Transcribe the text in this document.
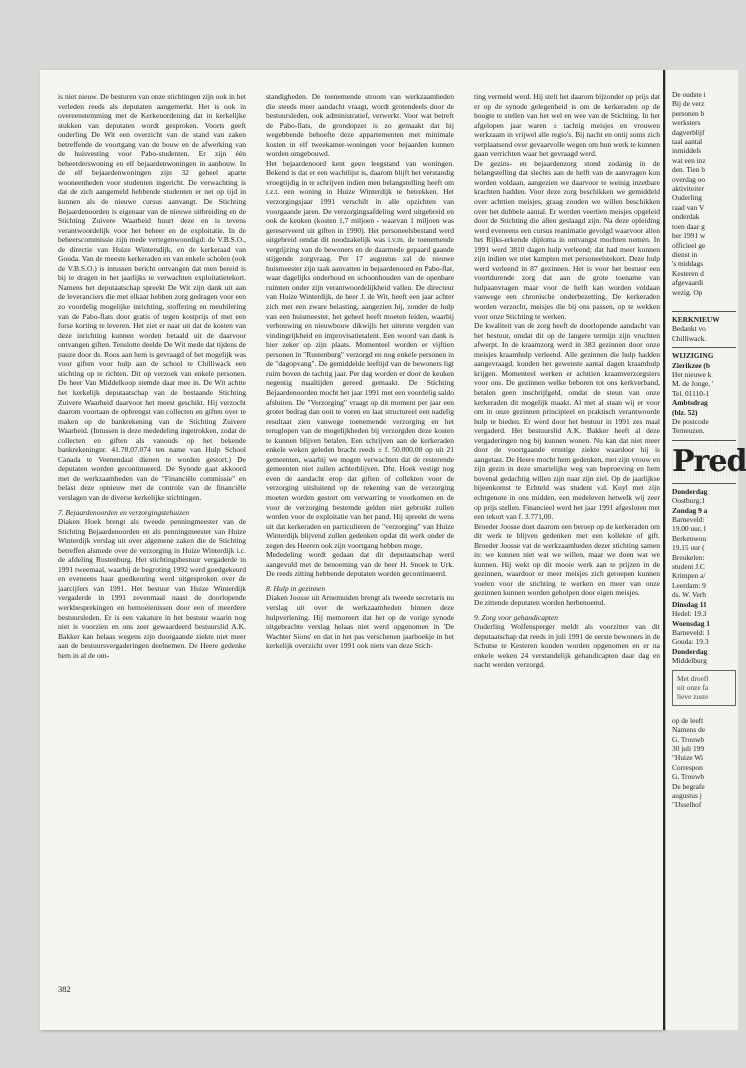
is niet nieuw. De besturen van onze stichtingen zijn ook in het verleden reeds als deputaten aangemerkt. Het is ook in overeenstemming met de Kerkenordening dat in kerkelijke stukken van deputaten wordt gesproken. Voorts geeft ouderling De Wit een overzicht van de stand van zaken betreffende de voortgang van de bouw en de afwerking van de huisvesting voor Pabo-studenten. Er zijn één beheerderswoning en elf bejaardenwoningen in aanbouw. In de elf bejaardenwoningen zijn 32 geheel aparte wooneenheden voor studenten ingericht. De verwachting is dat de zich aangemeld hebbende studenten er net op tijd in kunnen als de nieuwe cursus aanvangt. De Stichting Bejaardenoorden is eigenaar van de nieuwe uitbreiding en de Stichting Zuivere Waarheid huurt deze en is tevens verantwoordelijk voor het beheer en de exploitatie. In de beheerscommissie zijn mede vertegenwoordigd: de V.B.S.O., de directie van Huize Wintersdijk, en de kerkeraad van Gouda. Van de meeste kerkeraden en van enkele scholen (ook de V.B.S.O.) is intussen bericht ontvangen dat men bereid is bij te dragen in het jaarlijks te verwachten exploitatietekort. Namens het deputaatschap spreekt De Wit zijn dank uit aan de leveranciers die met elkaar hebben zorg gedragen voor een zo voordelig mogelijke inrichting, stoffering en meubilering van de Pabo-flats door gratis of tegen kostprijs of met een forse korting te leveren. Het ziet er naar uit dat de kosten van deze inrichting kunnen worden betaald uit de daarvoor ontvangen giften. Tenslotte deelde De Wit mede dat tijdens de pauze door ds. Roos aan hem is gevraagd of het mogelijk was voor giften voor hulp aan de school te Chilliwack een stichting op te richten. Dit op verzoek van enkele personen. De heer Van Middelkoop stemde daar mee in. De Wit achtte het kerkelijk deputaatschap van de bestaande Stichting Zuivere Waarheid daarvoor het meest geschikt. Hij verzocht daarom voortaan de opbrengst van collecten en giften over te maken op de bankrekening van de Stichting Zuivere Waarheid. (Intussen is deze mededeling ingetrokken, zodat de collecten en giften als vanouds op het bekende bankrekeningnr. 41.78.07.074 ten name van Hulp School Canada te Veenendaal dienen te worden gestort.) De deputaten worden gecontinueerd. De Synode gaat akkoord met de werkzaamheden van de "Financiële commissie" en belast deze opnieuw met de controle van de financiële verslagen van de diverse kerkelijke stichtingen.

7. Bejaardenoorden en verzorgingstehuizen

Diaken Hoek brengt als tweede penningmeester van de Stichting Bejaardenoorden en als penningmeester van Huize Winterdijk verslag uit over algemene zaken die de Stichting betreffen alsmede over de verzorging in Huize Winterdijk i.c. de afdeling Rustenburg. Het stichtingsbestuur vergaderde in 1991 tweemaal, waarbij de begroting 1992 werd goedgekeurd en eveneens haar goedkeuring werd uitgesproken over de jaarcijfers van 1991. Het bestuur van Huize Winterdijk vergaderde in 1991 zevenmaal naast de doorlopende werkbesprekingen en bemoeienissen door een of meerdere bestuursleden. Er is een vakature in het bestuur waarin nog niet is voorzien en ons zeer gewaardeerd bestuurslid A.K. Bakker kan helaas wegens zijn doorgaande ziekte niet meer aan de bestuursvergaderingen deelnemen. De Heere gedenke hem in al de om-

standigheden. De toenemende stroom van werkzaamheden die steeds meer aandacht vraagt, wordt grotendeels door de bestuursleden, ook administratief, verwerkt. Voor wat betreft de Pabo-flats, de grondopzet is zo gemaakt dat bij wegebbende behoefte deze appartementen met minimale kosten in elf tweekamer-woningen voor bejaarden kunnen worden omgebouwd.

Het bejaardenoord kent geen leegstand van woningen. Bekend is dat er een wachtlijst is, daarom blijft het verstandig vroegtijdig in te schrijven indien men belangstelling heeft om t.z.t. een woning in Huize Winterdijk te betrekken. Het verzorgingsjaar 1991 verschilt in alle opzichten van voorgaande jaren. De verzorgingsafdeling werd uitgebreid en ook de keuken (kosten 1,7 miljoen - waarvan 1 miljoen was gereserveerd uit giften in 1990). Het personeelsbestand werd uitgebreid omdat dit noodzakelijk was i.v.m. de toenemende vergrijzing van de bewoners en de daarmede gepaard gaande stijgende zorgvraag. Per 17 augustus zal de nieuwe huismeester zijn taak aanvatten in bejaardenoord en Pabo-flat, waar dagelijks onderhoud en schoonhouden van de openbare ruimten onder zijn verantwoordelijkheid vallen. De directeur van Huize Winterdijk, de heer J. de Wit, heeft een jaar achter zich met een zware belasting, aangezien hij, zonder de hulp van een huismeester, het geheel heeft moeten leiden, waarbij verbouwing en nieuwbouw dikwijls het uiterste vergden van vindingrijkheid en improvisatietalent. Een woord van dank is hier zeker op zijn plaats. Momenteel worden er vijftien personen in "Rustenburg" verzorgd en nog enkele personen in de "dagopvang". De gemiddelde leeftijd van de bewoners ligt ruim boven de tachtig jaar. Per dag worden er door de keuken negentig maaltijden gereed gemaakt. De Stichting Bejaardenoorden mocht het jaar 1991 met een voordelig saldo afsluiten. De "Verzorging" vraagt op dit moment per jaar een groter bedrag dan ooit te voren en laat structureel een nadelig resultaat zien vanwege toenemende verzorging en het teruglopen van de mogelijkheden bij verzorgden deze kosten te kunnen blijven betalen. Een schrijven aan de kerkeraden enkele weken geleden bracht reeds ± f. 50.000,00 op uit 21 gemeenten, waarbij we mogen verwachten dat de resterende gemeenten niet zullen achterblijven. Dhr. Hoek vestigt nog even de aandacht erop dat giften of collekten voor de verzorging uitsluitend op de rekening van de verzorging moeten worden gestort om verwarring te voorkomen en de voor de verzorging bestemde gelden niet gebruikt zullen worden voor de exploitatie van het pand. Hij spreekt de wens uit dat kerkeraden en particulieren de "verzorging" van Huize Winterdijk blijvend zullen gedenken opdat dit werk onder de zegen des Heeren ook zijn voortgang hebben moge.

Mededeling wordt gedaan dat dit deputaatschap werd aangevuld met de benoeming van de heer H. Snoek te Urk. De reeds zitting hebbende deputaten worden gecontinueerd.

8. Hulp in gezinnen

Diaken Joosse uit Arnemuiden brengt als tweede secretaris nu verslag uit over de werkzaamheden binnen deze hulpverlening. Hij memoreert dat het op de vorige synode uitgebrachte verslag helaas niet werd opgenomen in 'De Wachter Sions' en dat in het pas verschenen jaarboekje in het kerkelijk overzicht over 1991 ook niets van deze Stich-

ting vermeld werd. Hij stelt het daarom bijzonder op prijs dat er op de synode gelegenheid is om de kerkeraden op de hoogte te stellen van het wel en wee van de Stichting. In het afgelopen jaar waren ± tachtig meisjes en vrouwen werkzaam in vrijwel alle regio's. Bij nacht en ontij soms zich verplaatsend over gevaarvolle wegen om hun werk te kunnen gaan verrichten waar het gevraagd werd.

De gezins- en bejaardenzorg stond zodanig in de belangstelling dat slechts aan de helft van de aanvragen kon worden voldaan, aangezien we daarvoor te weinig inzetbare krachten hadden. Voor deze zorg beschikken we gemiddeld over achttien meisjes, graag zouden we willen beschikken over het dubbele aantal. Er werden veertien meisjes opgeleid door de Stichting die allen geslaagd zijn. Na deze opleiding werd eveneens een cursus reanimatie gevolgd waarvoor allen het Rijks-erkende diploma in ontvangst mochten nemen. In 1991 werd 3810 dagen hulp verleend; dat had meer kunnen zijn indien we niet kampten met personeelstekort. Deze hulp werd verleend in 87 gezinnen. Het is voor het bestuur een voortdurende zorg dat aan de grote toename van hulpaanvragen maar voor de helft kan worden voldaan vanwege een chronische onderbezetting. De kerkeraden worden verzocht, meisjes die bij ons passen, op te wekken voor onze Stichting te werken.

De kwaliteit van de zorg heeft de doorlopende aandacht van het bestuur, omdat dit op de langere termijn zijn vruchten afwerpt. In de kraamzorg werd in 383 gezinnen door onze meisjes kraamhulp verleend. Alle gezinnen die hulp hadden aangevraagd, konden het gewenste aantal dagen kraamhulp krijgen. Momenteel werken er achttien kraamverzorgsters voor ons. De gezinnen welke beboren tot ons kerkverband, betalen geen inschrijfgeld, omdat de steun van onze kerkeraden dit mogelijk maakt. Al met al staan wij er voor om in onze gezinnen principieel en praktisch verantwoorde hulp te bieden. Er werd door het bestuur in 1991 zes maal vergaderd. Het bestuurslid A.K. Bakker heeft al deze vergaderingen nog bij kunnen wonen. Nu kan dat niet meer door de voortgaande ernstige ziekte waardoor hij is aangetast. De Heere mocht hem gedenken, met zijn vrouw en zijn gezin in deze smartelijke weg van beproeving en hem bovenal gedachtig willen zijn naar zijn ziel. Op de jaarlijkse bijeenkomst te Echteld was student v.d. Kuyl met zijn echtgenote in ons midden, een medeleven hetwelk wij zeer op prijs stellen. Financieel werd het jaar 1991 afgesloten met een tekort van f. 3.771,00.

Broeder Joosse doet daarom een beroep op de kerkeraden om dit werk te blijven gedenken met een kollekte of gift. Broeder Joosse vat de werkzaamheden dezer stichting samen in: we kunnen niet wat we willen, maar we doen wat we kunnen. Hij wekt op dit mooie werk aan te prijzen in de gezinnen, waardoor er meer meisjes zich geroepen kunnen voelen voor de stichting te werken en meer van onze gezinnen kunnen worden geholpen door eigen meisjes.

De zittende deputaten worden herbenoemd.

9. Zorg voor gehandicapten

Ouderling Wolfensperger meldt als voorzitter van dit deputaatschap dat reeds in juli 1991 de eerste bewoners in de Schutse te Kesteren konden worden opgenomen en er na enkele weken 24 verstandelijk gehandicapten daar dag en nacht werden verzorgd.

382
De oudste i
Bij de verz
personen b
werksters
dagverblijf
taal aantal
inmiddels
wat een inz
den. Tien b
overdag oo
aktiviteiter
Ouderling
raad van V
onderdak
toen daar g
ber 1991 w
officieel ge
dienst in
's middags
Kesteren d
afgevaardi
wezig. Op
KERKNIEUW
Bedankt vo
Chilliwack.
WIJZIGING
Zierikzee (b
Het nieuwe k
M. de Jonge, '
Tel. 01110-1
Ambtsdrag
(blz. 52)
De postcode
Terneuzen.
Pred
Donderdag
Oostburg:1
Zondag 9 a
Barneveld:
19.00 uur, l
Berkenwou
19.15 uur (
Breukelen:
student J.C
Krimpen a/
Leerdam: 9
ds. W. Verh
Dinsdag 11
Hedel: 19.3
Woensdag 1
Barneveld: 1
Gouda: 19.3
Donderdag
Middelburg
Met droefl
uit onze fa
lieve zuste
op de leeft
Namens de
G. Trouwb
30 juli 199
"Huize Wi
Correspon
G. Trouwb
De begrafe
augustus j
"IJsselhof
